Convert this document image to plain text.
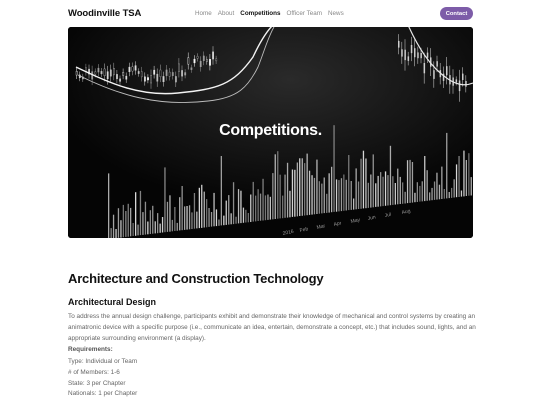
Woodinville TSA	Home About Competitions Officer Team News	Contact
2016 Feb Mar Apr May Jun Jul Aug
Competitions.
Architecture and Construction Technology
Architectural Design
To address the annual design challenge, participants exhibit and demonstrate their knowledge of mechanical and control systems by creating an animatronic device with a specific purpose (i.e., communicate an idea, entertain, demonstrate a concept, etc.) that includes sound, lights, and an appropriate surrounding environment (a display).
Requirements:
Type: Individual or Team
# of Members: 1-6
State: 3 per Chapter
Nationals: 1 per Chapter
